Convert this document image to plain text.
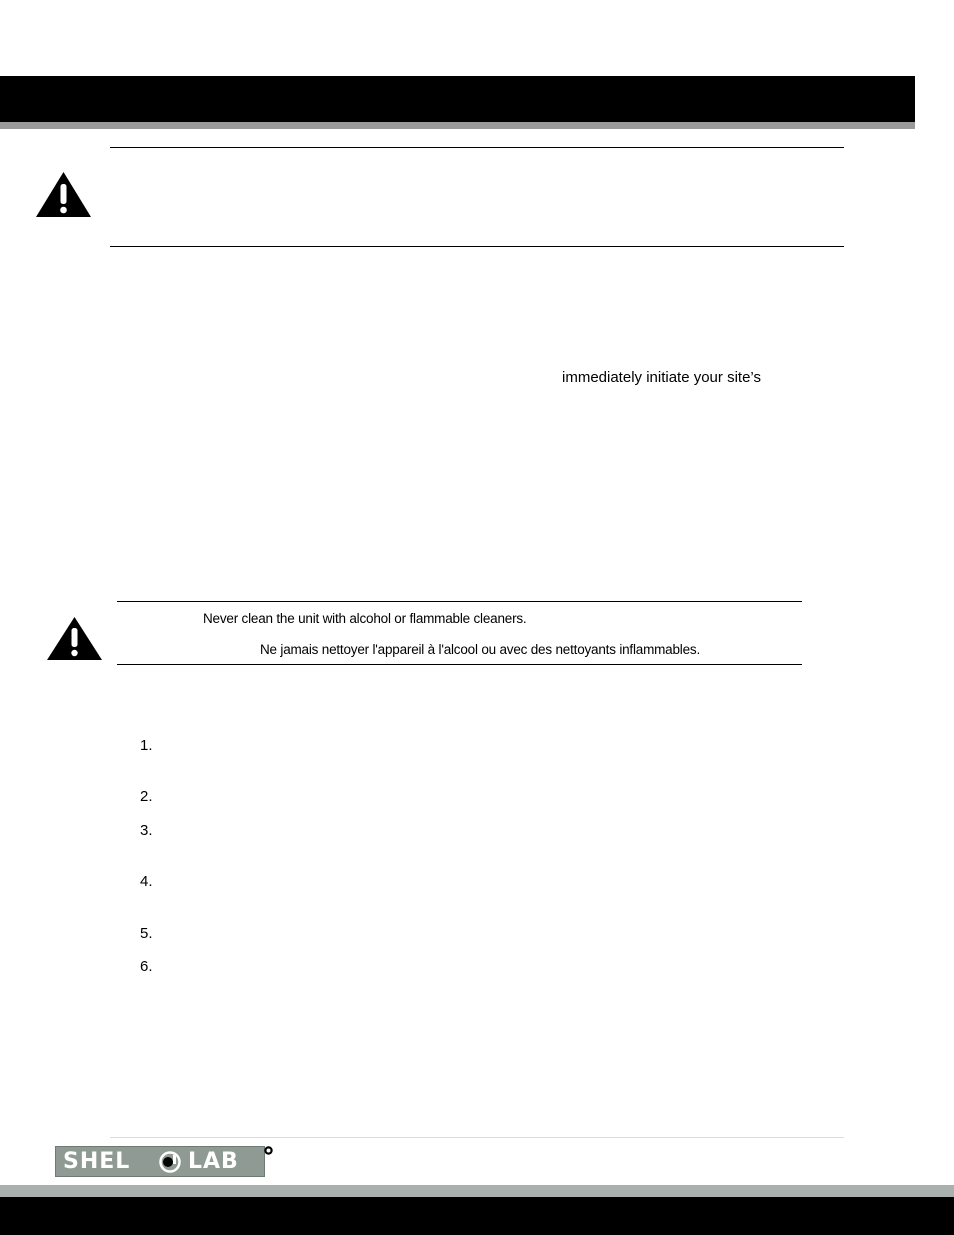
immediately initiate your site’s
Never clean the unit with alcohol or flammable cleaners.
Ne jamais nettoyer l'appareil à l'alcool ou avec des nettoyants inflammables.
1.
2.
3.
4.
5.
6.
SHEL	LAB
